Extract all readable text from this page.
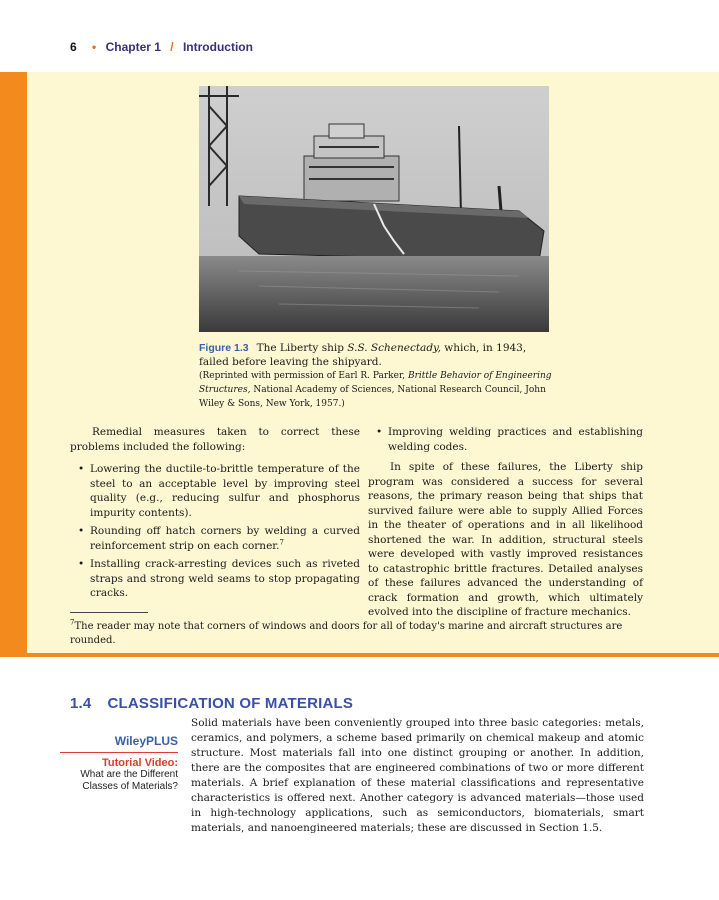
6 • Chapter 1 / Introduction
Figure 1.3 The Liberty ship S.S. Schenectady, which, in 1943, failed before leaving the shipyard.
(Reprinted with permission of Earl R. Parker, Brittle Behavior of Engineering Structures, National Academy of Sciences, National Research Council, John Wiley & Sons, New York, 1957.)

Remedial measures taken to correct these problems included the following:

• Lowering the ductile-to-brittle temperature of the steel to an acceptable level by improving steel quality (e.g., reducing sulfur and phosphorus impurity contents).
• Rounding off hatch corners by welding a curved reinforcement strip on each corner.$^7$
• Installing crack-arresting devices such as riveted straps and strong weld seams to stop propagating cracks.
• Improving welding practices and establishing welding codes.

In spite of these failures, the Liberty ship program was considered a success for several reasons, the primary reason being that ships that survived failure were able to supply Allied Forces in the theater of operations and in all likelihood shortened the war. In addition, structural steels were developed with vastly improved resistances to catastrophic brittle fractures. Detailed analyses of these failures advanced the understanding of crack formation and growth, which ultimately evolved into the discipline of fracture mechanics.

$^7$The reader may note that corners of windows and doors for all of today's marine and aircraft structures are rounded.
1.4 CLASSIFICATION OF MATERIALS
WileyPLUS
Tutorial Video:
What are the Different Classes of Materials?

Solid materials have been conveniently grouped into three basic categories: metals, ceramics, and polymers, a scheme based primarily on chemical makeup and atomic structure. Most materials fall into one distinct grouping or another. In addition, there are the composites that are engineered combinations of two or more different materials. A brief explanation of these material classifications and representative characteristics is offered next. Another category is advanced materials—those used in high-technology applications, such as semiconductors, biomaterials, smart materials, and nanoengineered materials; these are discussed in Section 1.5.
